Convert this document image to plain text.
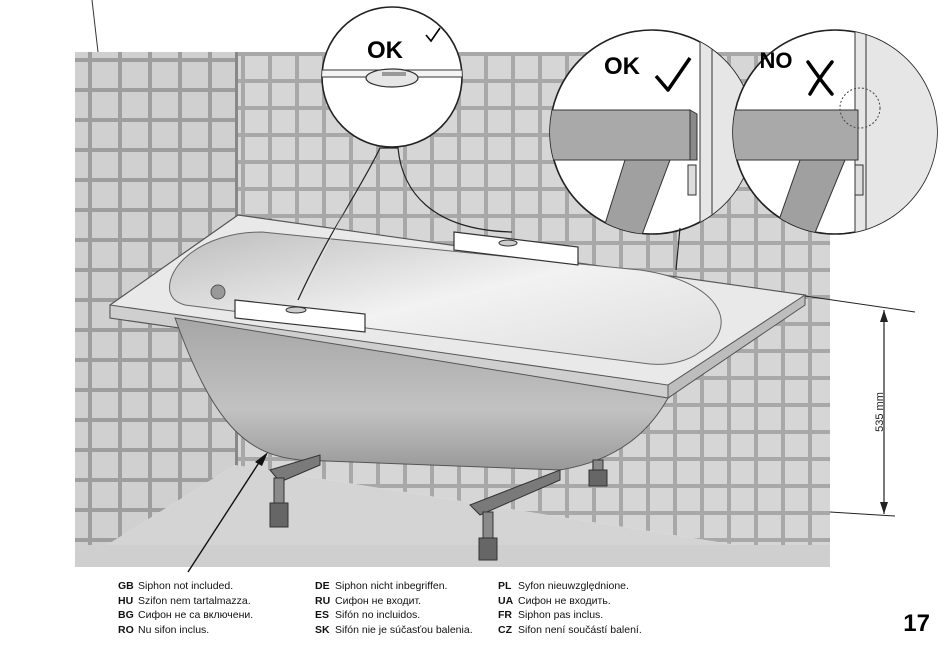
535 mm
OK
OK	NO
GB Siphon not included.
HU Szifon nem tartalmazza.
BG Сифон не са включени.
RO Nu sifon inclus.
DE Siphon nicht inbegriffen.
RU Сифон не входит.
ES Sifón no incluidos.
SK Sifón nie je súčasťou balenia.
PL Syfon nieuwzględnione.
UA Сифон не входить.
FR Siphon pas inclus.
CZ Sifon není součástí balení.	17
